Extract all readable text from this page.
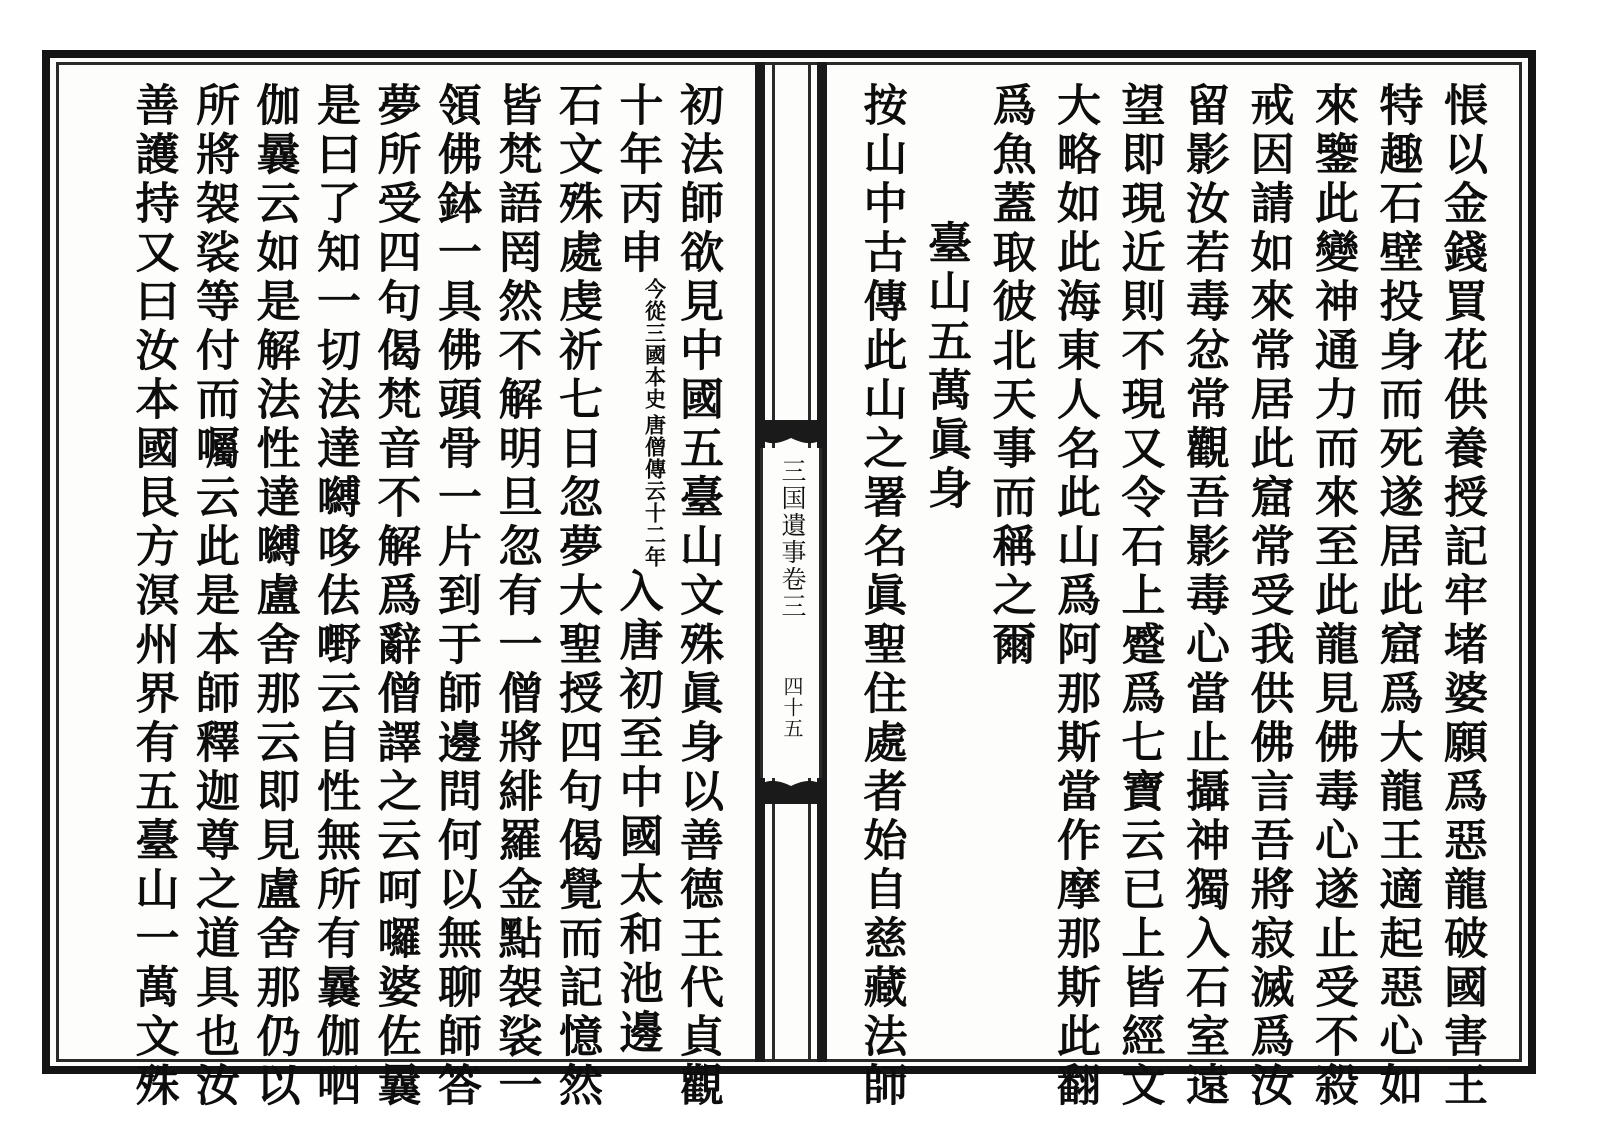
三国遺事卷三
四十五	悵以金錢買花供養授記牢堵婆願爲惡龍破國害王
特趣石壁投身而死遂居此窟爲大龍王適起惡心如
來鑒此變神通力而來至此龍見佛毒心遂止受不殺
戒因請如來常居此窟常受我供佛言吾將寂滅爲汝
留影汝若毒忿常觀吾影毒心當止攝神獨入石室遠
望即現近則不現又令石上蹙爲七寶云已上皆經文
大略如此海東人名此山爲阿那斯當作摩那斯此翻
爲魚蓋取彼北天事而稱之爾
臺山五萬眞身
按山中古傳此山之署名眞聖住處者始自慈藏法師
初法師欲見中國五臺山文殊眞身以善德王代貞觀
十年丙申
唐僧傳云十二年
今從三國本史
入唐初至中國太和池邊
石文殊處虔祈七日忽夢大聖授四句偈覺而記憶然
皆梵語罔然不解明旦忽有一僧將緋羅金點袈裟一
領佛鉢一具佛頭骨一片到于師邊問何以無聊師答
夢所受四句偈梵音不解爲辭僧譯之云呵囉婆佐曩
是曰了知一切法達嚩哆佉嘢云自性無所有曩伽呬
伽曩云如是解法性達嚩盧舍那云即見盧舍那仍以
所將袈裟等付而囑云此是本師釋迦尊之道具也汝
善護持又曰汝本國艮方溟州界有五臺山一萬文殊
